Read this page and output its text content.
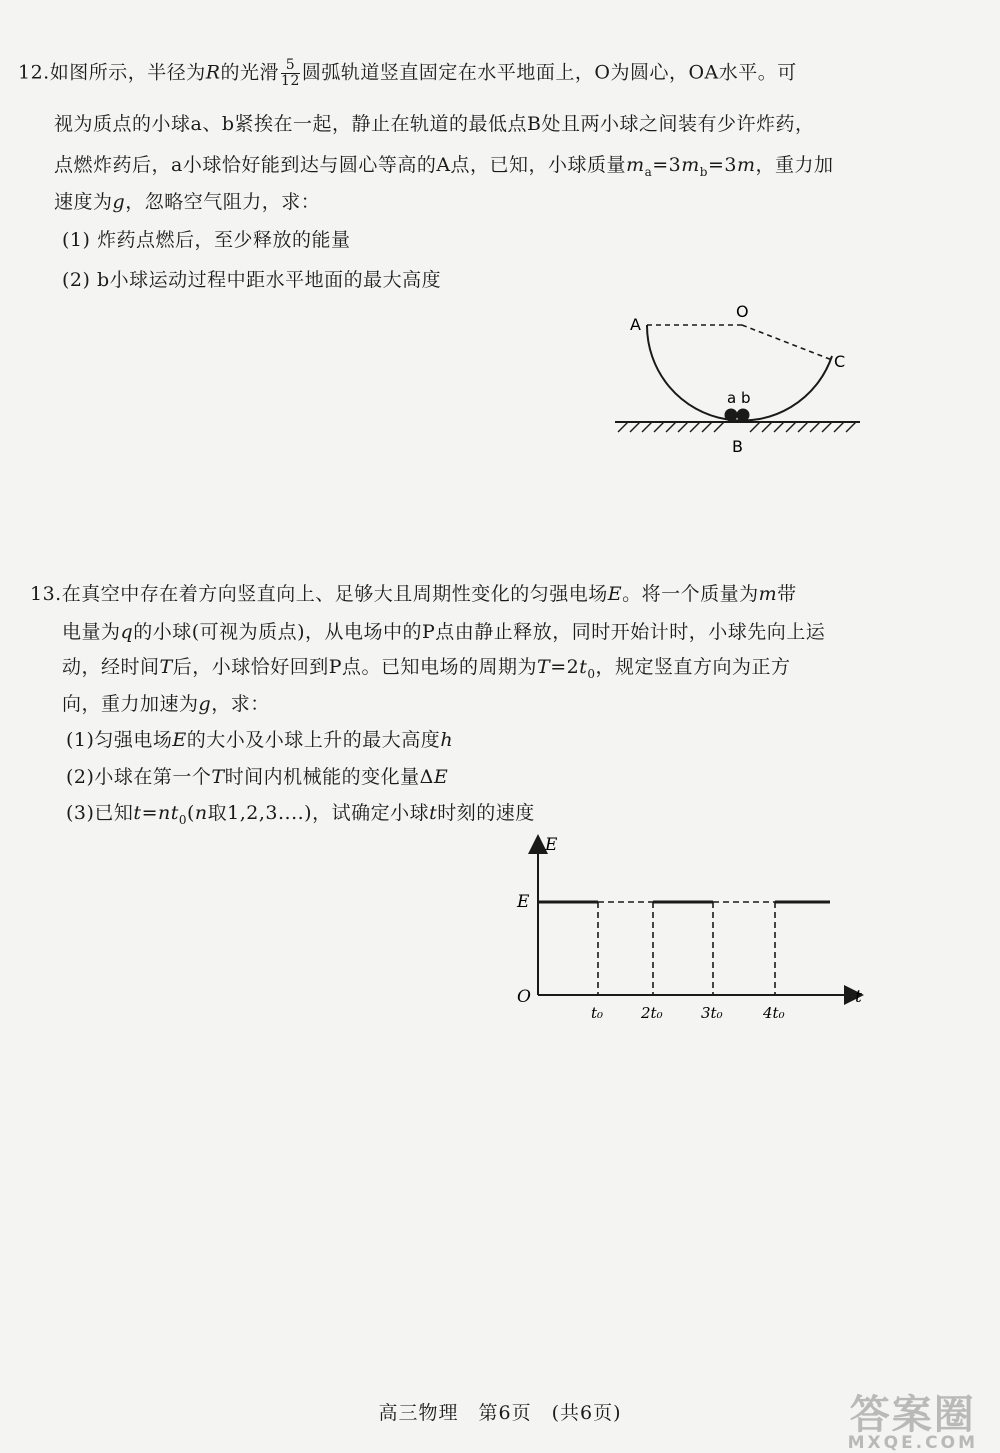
12.如图所示，半径为R的光滑 $\frac{5}{12}$ 圆弧轨道竖直固定在水平地面上，O为圆心，OA水平。可
视为质点的小球a、b紧挨在一起，静止在轨道的最低点B处且两小球之间装有少许炸药，
点燃炸药后，a小球恰好能到达与圆心等高的A点，已知，小球质量$m_a=3m_b=3m$，重力加
速度为g，忽略空气阻力，求：
(1) 炸药点燃后，至少释放的能量
(2) b小球运动过程中距水平地面的最大高度
a b
A
O
C
B
13.在真空中存在着方向竖直向上、足够大且周期性变化的匀强电场E。将一个质量为m带
电量为q的小球(可视为质点)，从电场中的P点由静止释放，同时开始计时，小球先向上运
动，经时间T后，小球恰好回到P点。已知电场的周期为$T=2t_0$，规定竖直方向为正方
向，重力加速为g，求：
(1)匀强电场E的大小及小球上升的最大高度h
(2)小球在第一个T时间内机械能的变化量ΔE
(3)已知$t=nt_0(n$取1,2,3....)，试确定小球t时刻的速度
E
t
O
E
t₀	2t₀	3t₀	4t₀
高三物理　第6页　(共6页)	答案圈
MXQE.COM
